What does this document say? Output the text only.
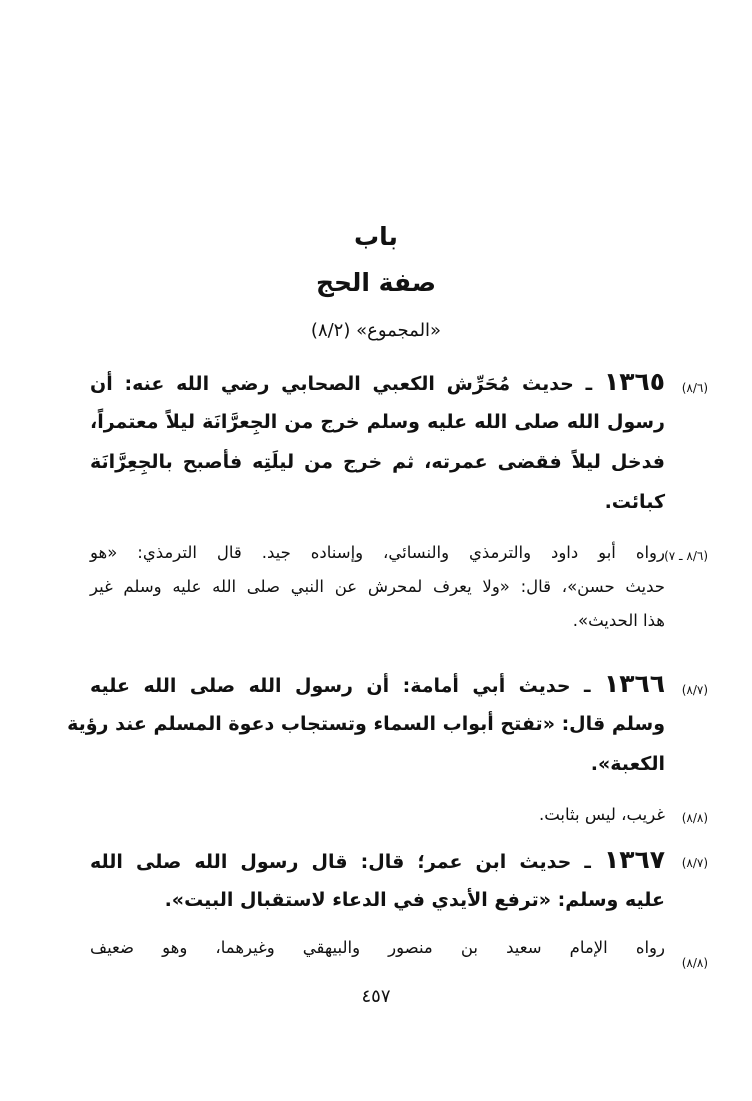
باب
صفة الحج
«المجموع» (٨/٢)
(٨/٦)
١٣٦٥ ـ حديث مُحَرِّش الكعبي الصحابي رضي الله عنه: أن
رسول الله صلى الله عليه وسلم خرج من الجِعرَّانَة ليلاً معتمراً،
فدخل ليلاً فقضى عمرته، ثم خرج من ليلَتِه فأصبح بالجِعِرَّانَة
كبائت.
(٨/٦ ـ ٧)
رواه أبو داود والترمذي والنسائي، وإسناده جيد. قال الترمذي: «هو
حديث حسن»، قال: «ولا يعرف لمحرش عن النبي صلى الله عليه وسلم غير
هذا الحديث».
(٨/٧)
١٣٦٦ ـ حديث أبي أمامة: أن رسول الله صلى الله عليه
وسلم قال: «تفتح أبواب السماء وتستجاب دعوة المسلم عند رؤية
الكعبة».
(٨/٨)
غريب، ليس بثابت.
(٨/٧)
١٣٦٧ ـ حديث ابن عمر؛ قال: قال رسول الله صلى الله
عليه وسلم: «ترفع الأيدي في الدعاء لاستقبال البيت».
(٨/٨)
رواه الإمام سعيد بن منصور والبيهقي وغيرهما، وهو ضعيف
٤٥٧
